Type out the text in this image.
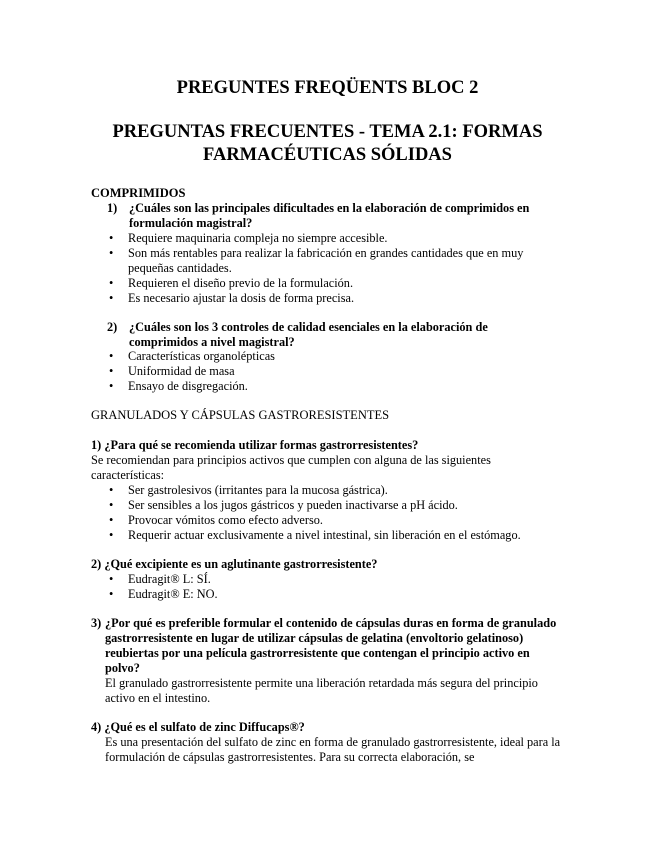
PREGUNTES FREQÜENTS BLOC 2
PREGUNTAS FRECUENTES - TEMA 2.1: FORMAS
FARMACÉUTICAS SÓLIDAS
COMPRIMIDOS
1) ¿Cuáles son las principales dificultades en la elaboración de comprimidos en formulación magistral?
• Requiere maquinaria compleja no siempre accesible.
• Son más rentables para realizar la fabricación en grandes cantidades que en muy pequeñas cantidades.
• Requieren el diseño previo de la formulación.
• Es necesario ajustar la dosis de forma precisa.
2) ¿Cuáles son los 3 controles de calidad esenciales en la elaboración de comprimidos a nivel magistral?
• Características organolépticas
• Uniformidad de masa
• Ensayo de disgregación.
GRANULADOS Y CÁPSULAS GASTRORESISTENTES
1) ¿Para qué se recomienda utilizar formas gastrorresistentes?
Se recomiendan para principios activos que cumplen con alguna de las siguientes características:
• Ser gastrolesivos (irritantes para la mucosa gástrica).
• Ser sensibles a los jugos gástricos y pueden inactivarse a pH ácido.
• Provocar vómitos como efecto adverso.
• Requerir actuar exclusivamente a nivel intestinal, sin liberación en el estómago.
2) ¿Qué excipiente es un aglutinante gastrorresistente?
• Eudragit® L: SÍ.
• Eudragit® E: NO.
3) ¿Por qué es preferible formular el contenido de cápsulas duras en forma de granulado gastrorresistente en lugar de utilizar cápsulas de gelatina (envoltorio gelatinoso) reubiertas por una película gastrorresistente que contengan el principio activo en polvo?
El granulado gastrorresistente permite una liberación retardada más segura del principio activo en el intestino.
4) ¿Qué es el sulfato de zinc Diffucaps®?
Es una presentación del sulfato de zinc en forma de granulado gastrorresistente, ideal para la formulación de cápsulas gastrorresistentes. Para su correcta elaboración, se
